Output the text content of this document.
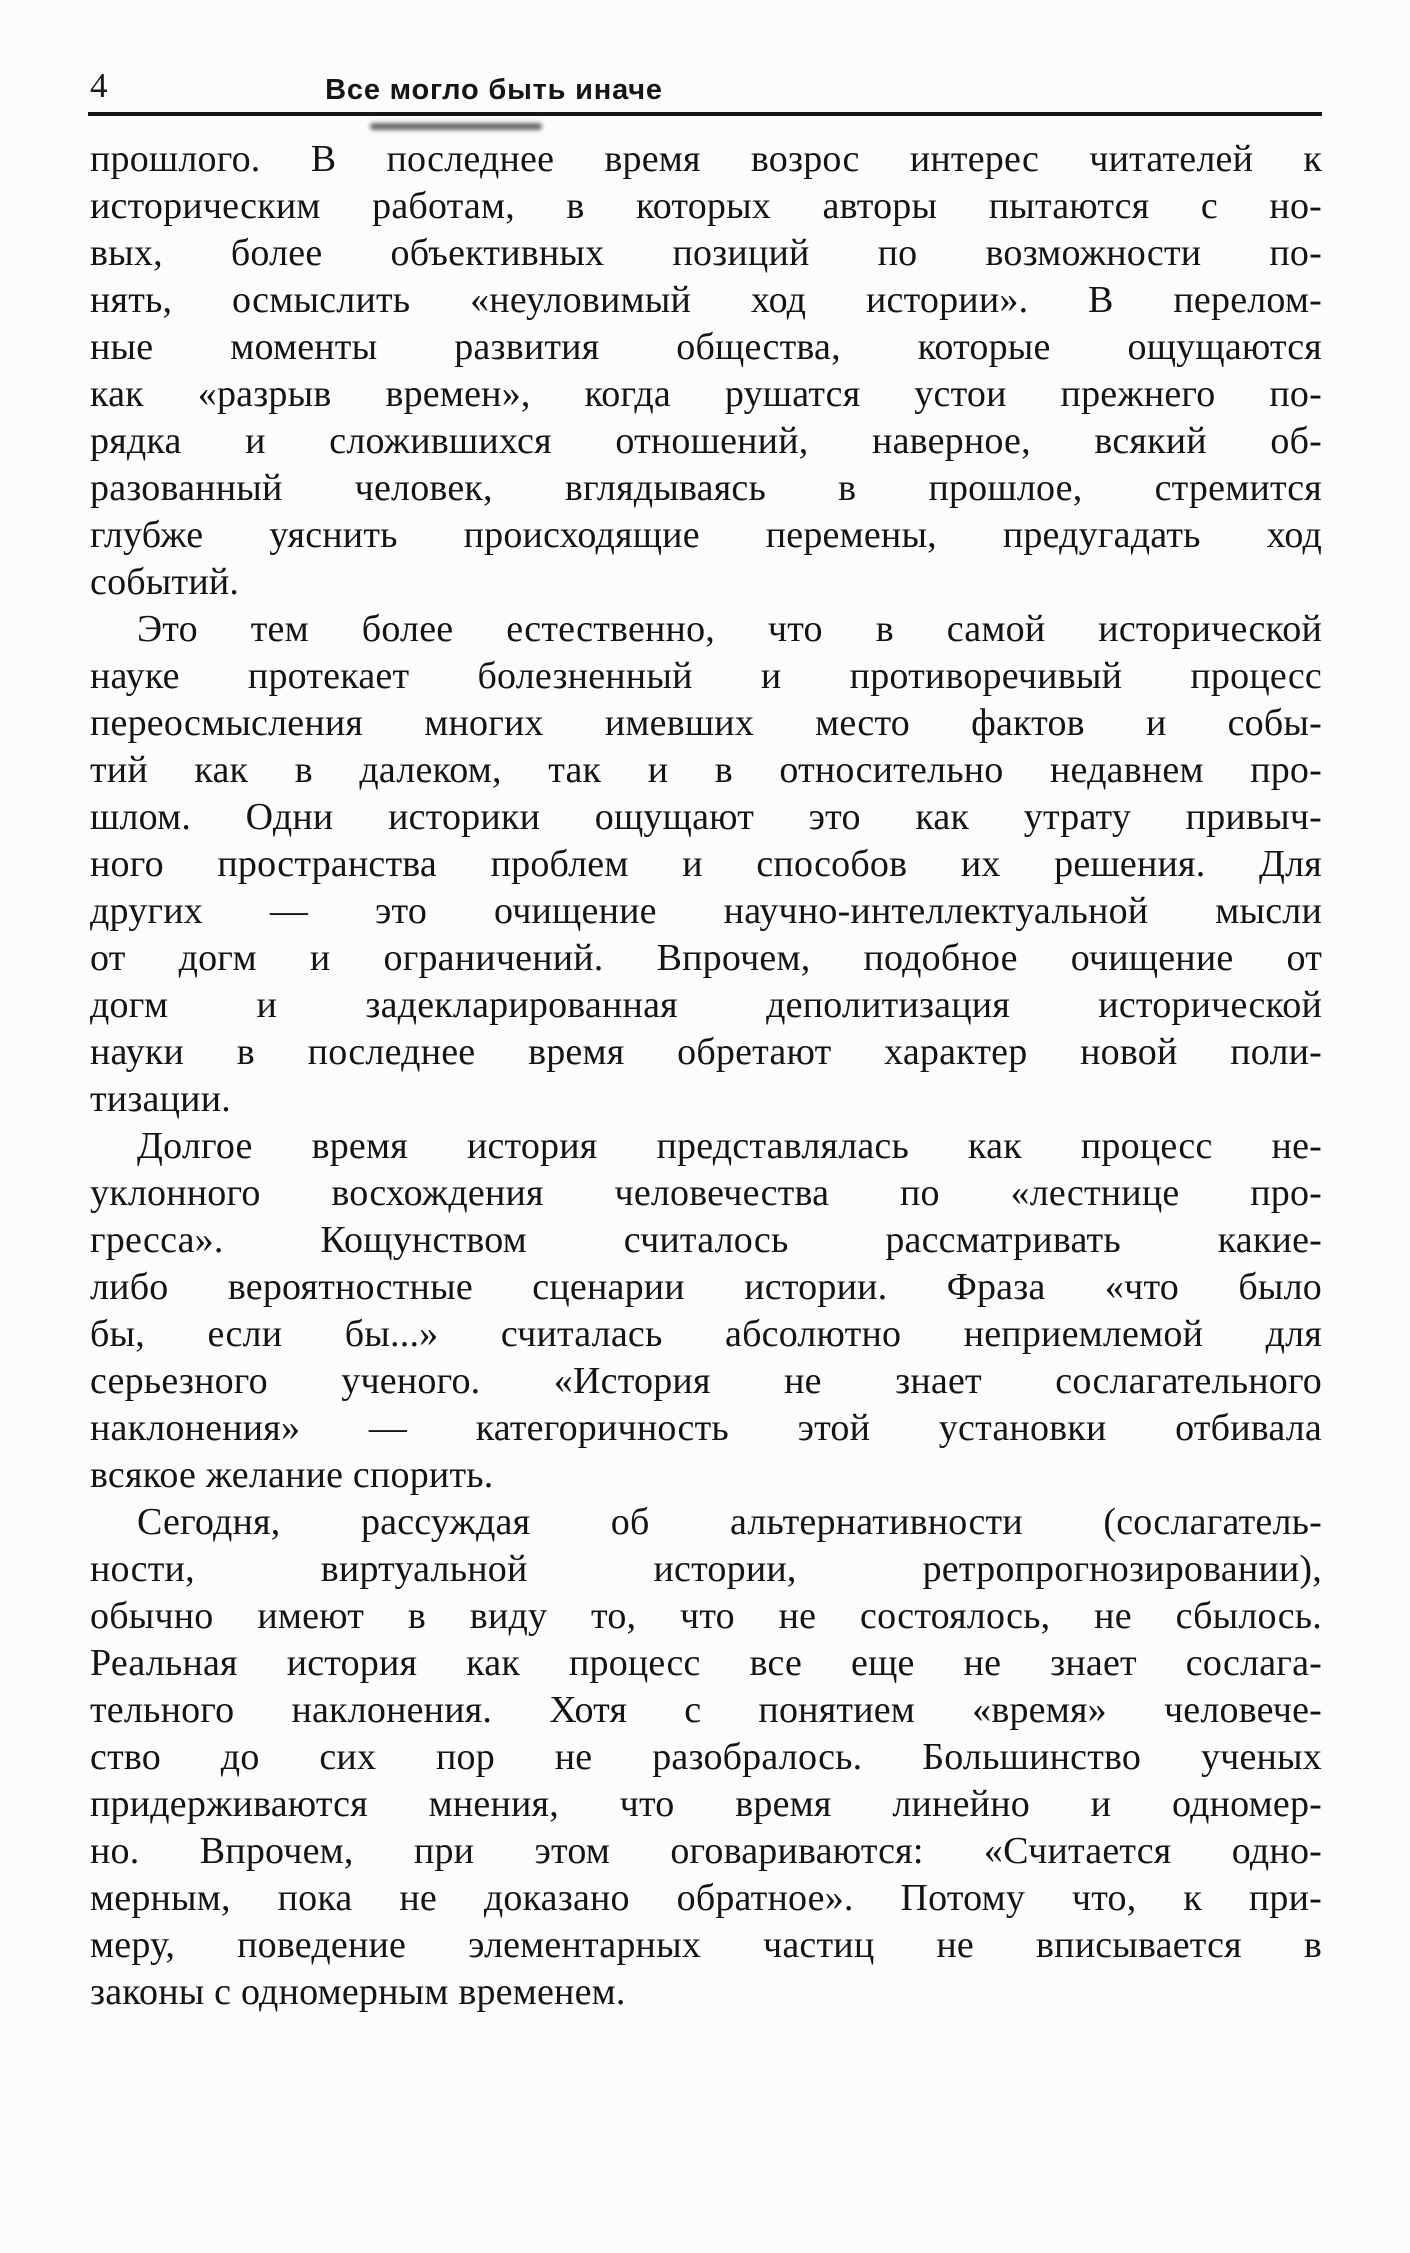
4	Все могло быть иначе
прошлого. В последнее время возрос интерес читателей к
историческим работам, в которых авторы пытаются с но-
вых, более объективных позиций по возможности по-
нять, осмыслить «неуловимый ход истории». В перелом-
ные моменты развития общества, которые ощущаются
как «разрыв времен», когда рушатся устои прежнего по-
рядка и сложившихся отношений, наверное, всякий об-
разованный человек, вглядываясь в прошлое, стремится
глубже уяснить происходящие перемены, предугадать ход
событий.
Это тем более естественно, что в самой исторической
науке протекает болезненный и противоречивый процесс
переосмысления многих имевших место фактов и собы-
тий как в далеком, так и в относительно недавнем про-
шлом. Одни историки ощущают это как утрату привыч-
ного пространства проблем и способов их решения. Для
других — это очищение научно-интеллектуальной мысли
от догм и ограничений. Впрочем, подобное очищение от
догм и задекларированная деполитизация исторической
науки в последнее время обретают характер новой поли-
тизации.
Долгое время история представлялась как процесс не-
уклонного восхождения человечества по «лестнице про-
гресса». Кощунством считалось рассматривать какие-
либо вероятностные сценарии истории. Фраза «что было
бы, если бы...» считалась абсолютно неприемлемой для
серьезного ученого. «История не знает сослагательного
наклонения» — категоричность этой установки отбивала
всякое желание спорить.
Сегодня, рассуждая об альтернативности (сослагатель-
ности, виртуальной истории, ретропрогнозировании),
обычно имеют в виду то, что не состоялось, не сбылось.
Реальная история как процесс все еще не знает сослага-
тельного наклонения. Хотя с понятием «время» человече-
ство до сих пор не разобралось. Большинство ученых
придерживаются мнения, что время линейно и одномер-
но. Впрочем, при этом оговариваются: «Считается одно-
мерным, пока не доказано обратное». Потому что, к при-
меру, поведение элементарных частиц не вписывается в
законы с одномерным временем.
